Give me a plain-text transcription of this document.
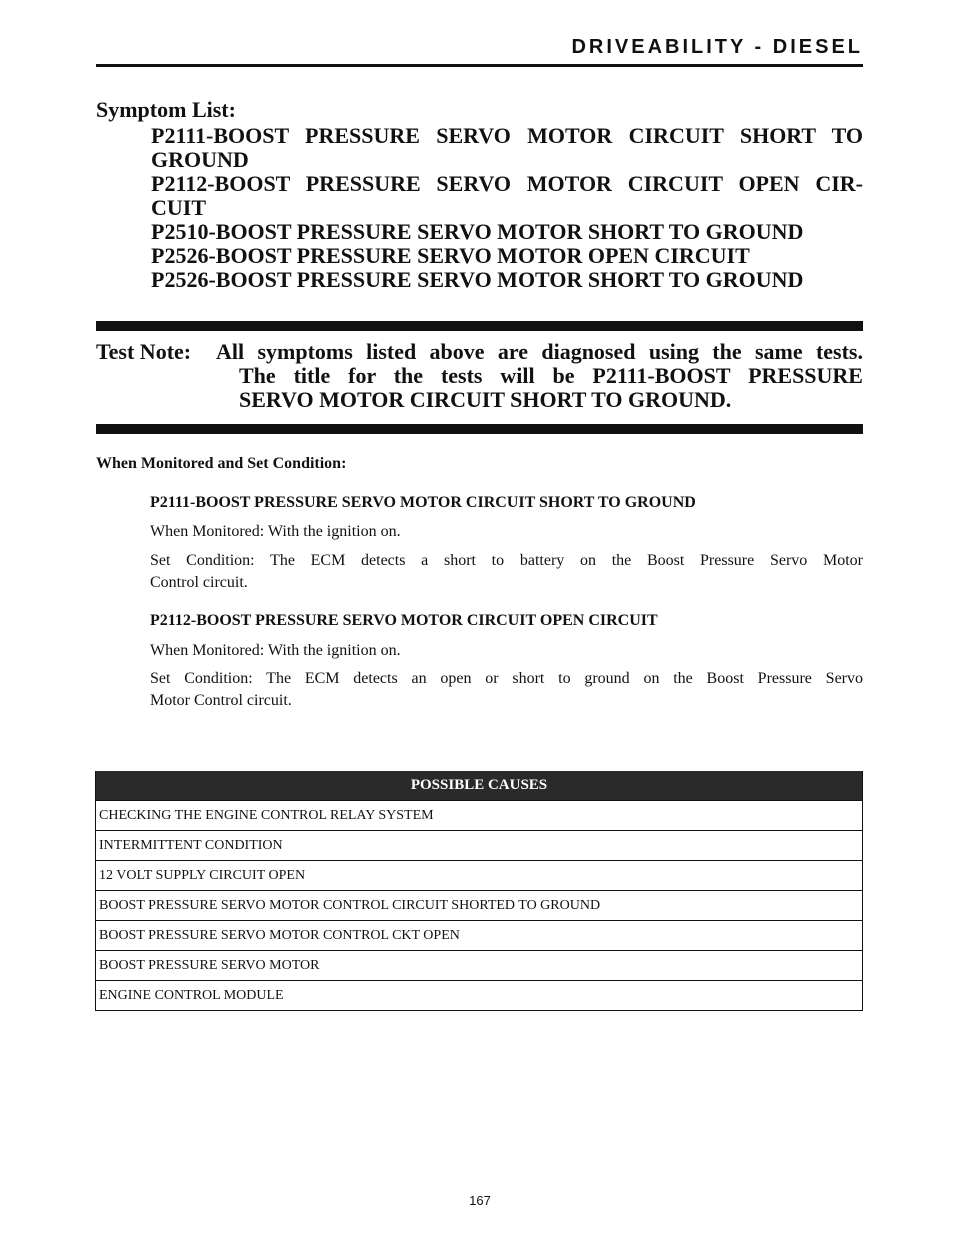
DRIVEABILITY - DIESEL
Symptom List:
P2111-BOOST PRESSURE SERVO MOTOR CIRCUIT SHORT TO
GROUND
P2112-BOOST PRESSURE SERVO MOTOR CIRCUIT OPEN CIR-
CUIT
P2510-BOOST PRESSURE SERVO MOTOR SHORT TO GROUND
P2526-BOOST PRESSURE SERVO MOTOR OPEN CIRCUIT
P2526-BOOST PRESSURE SERVO MOTOR SHORT TO GROUND
Test Note:	All symptoms listed above are diagnosed using the same tests.
The title for the tests will be P2111-BOOST PRESSURE
SERVO MOTOR CIRCUIT SHORT TO GROUND.
When Monitored and Set Condition:
P2111-BOOST PRESSURE SERVO MOTOR CIRCUIT SHORT TO GROUND
When Monitored: With the ignition on.
Set Condition: The ECM detects a short to battery on the Boost Pressure Servo Motor
Control circuit.
P2112-BOOST PRESSURE SERVO MOTOR CIRCUIT OPEN CIRCUIT
When Monitored: With the ignition on.
Set Condition: The ECM detects an open or short to ground on the Boost Pressure Servo
Motor Control circuit.
POSSIBLE CAUSES
CHECKING THE ENGINE CONTROL RELAY SYSTEM
INTERMITTENT CONDITION
12 VOLT SUPPLY CIRCUIT OPEN
BOOST PRESSURE SERVO MOTOR CONTROL CIRCUIT SHORTED TO GROUND
BOOST PRESSURE SERVO MOTOR CONTROL CKT OPEN
BOOST PRESSURE SERVO MOTOR
ENGINE CONTROL MODULE
167
